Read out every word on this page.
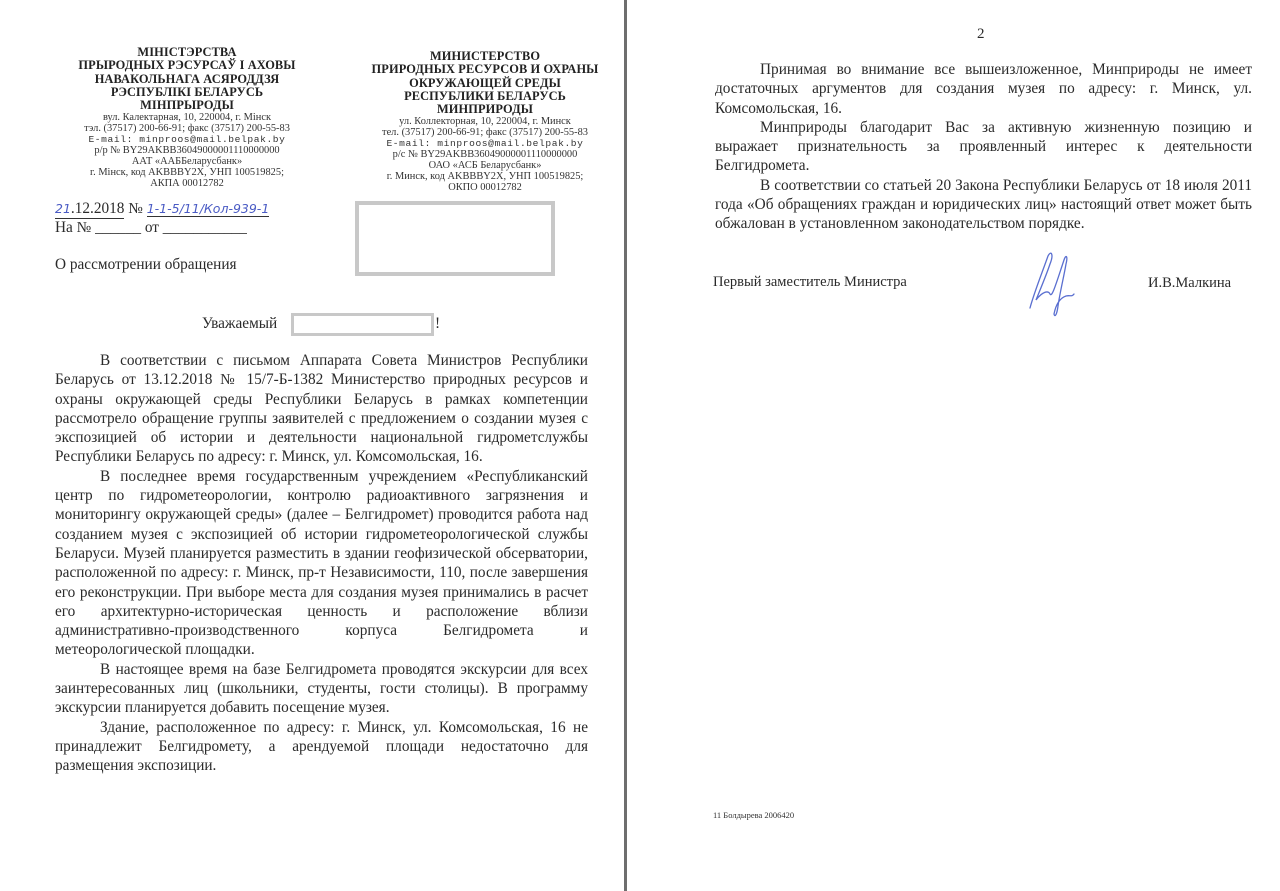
МІНІСТЭРСТВА
ПРЫРОДНЫХ РЭСУРСАЎ І АХОВЫ
НАВАКОЛЬНАГА АСЯРОДДЗЯ
РЭСПУБЛІКІ БЕЛАРУСЬ
МІНПРЫРОДЫ
вул. Калектарная, 10, 220004, г. Мінск
тэл. (37517) 200-66-91; факс (37517) 200-55-83
E-mail: minproos@mail.belpak.by
р/р № BY29AKBB36049000001110000000
ААТ «ААББеларусбанк»
г. Мінск, код AKBBBY2X, УНП 100519825;
АКПА 00012782
МИНИСТЕРСТВО
ПРИРОДНЫХ РЕСУРСОВ И ОХРАНЫ
ОКРУЖАЮЩЕЙ СРЕДЫ
РЕСПУБЛИКИ БЕЛАРУСЬ
МИНПРИРОДЫ
ул. Коллекторная, 10, 220004, г. Минск
тел. (37517) 200-66-91; факс (37517) 200-55-83
E-mail: minproos@mail.belpak.by
р/с № BY29AKBB36049000001110000000
ОАО «АСБ Беларусбанк»
г. Минск, код AKBBBY2X, УНП 100519825;
ОКПО 00012782
21.12.2018 № 1-1-5/11/Кол-939-1
На № ______ от ___________
О рассмотрении обращения
Уважаемый	!

В соответствии с письмом Аппарата Совета Министров Республики Беларусь от 13.12.2018 № 15/7-Б-1382 Министерство природных ресурсов и охраны окружающей среды Республики Беларусь в рамках компетенции рассмотрело обращение группы заявителей с предложением о создании музея с экспозицией об истории и деятельности национальной гидрометслужбы Республики Беларусь по адресу: г. Минск, ул. Комсомольская, 16.

В последнее время государственным учреждением «Республиканский центр по гидрометеорологии, контролю радиоактивного загрязнения и мониторингу окружающей среды» (далее – Белгидромет) проводится работа над созданием музея с экспозицией об истории гидрометеорологической службы Беларуси. Музей планируется разместить в здании геофизической обсерватории, расположенной по адресу: г. Минск, пр-т Независимости, 110, после завершения его реконструкции. При выборе места для создания музея принимались в расчет его архитектурно-историческая ценность и расположение вблизи административно-производственного корпуса Белгидромета и метеорологической площадки.

В настоящее время на базе Белгидромета проводятся экскурсии для всех заинтересованных лиц (школьники, студенты, гости столицы). В программу экскурсии планируется добавить посещение музея.

Здание, расположенное по адресу: г. Минск, ул. Комсомольская, 16 не принадлежит Белгидромету, а арендуемой площади недостаточно для размещения экспозиции.

2

Принимая во внимание все вышеизложенное, Минприроды не имеет достаточных аргументов для создания музея по адресу: г. Минск, ул. Комсомольская, 16.

Минприроды благодарит Вас за активную жизненную позицию и выражает признательность за проявленный интерес к деятельности Белгидромета.

В соответствии со статьей 20 Закона Республики Беларусь от 18 июля 2011 года «Об обращениях граждан и юридических лиц» настоящий ответ может быть обжалован в установленном законодательством порядке.

Первый заместитель Министра	И.В.Малкина
11 Болдырева 2006420
